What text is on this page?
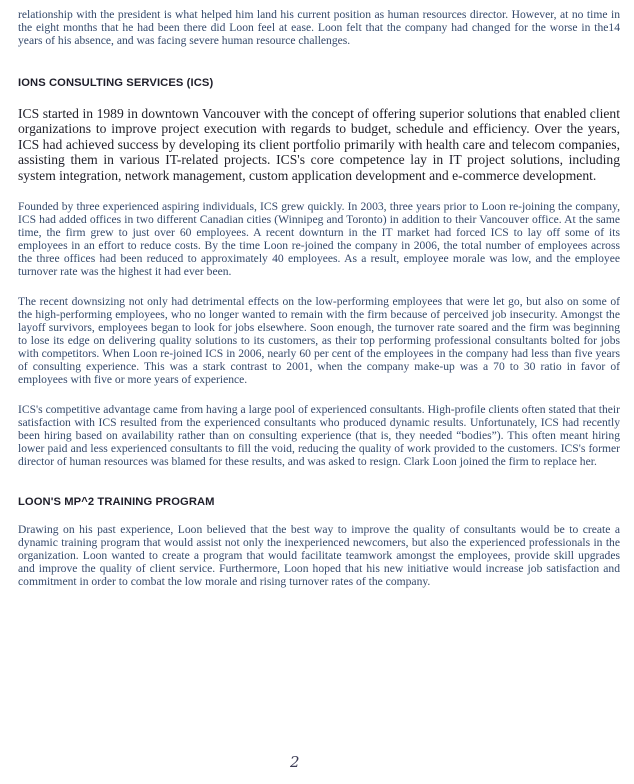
relationship with the president is what helped him land his current position as human resources director. However, at no time in the eight months that he had been there did Loon feel at ease. Loon felt that the company had changed for the worse in the14 years of his absence, and was facing severe human resource challenges.

IONS CONSULTING SERVICES (ICS)

ICS started in 1989 in downtown Vancouver with the concept of offering superior solutions that enabled client organizations to improve project execution with regards to budget, schedule and efficiency. Over the years, ICS had achieved success by developing its client portfolio primarily with health care and telecom companies, assisting them in various IT-related projects. ICS's core competence lay in IT project solutions, including system integration, network management, custom application development and e-commerce development.

Founded by three experienced aspiring individuals, ICS grew quickly. In 2003, three years prior to Loon re-joining the company, ICS had added offices in two different Canadian cities (Winnipeg and Toronto) in addition to their Vancouver office. At the same time, the firm grew to just over 60 employees. A recent downturn in the IT market had forced ICS to lay off some of its employees in an effort to reduce costs. By the time Loon re-joined the company in 2006, the total number of employees across the three offices had been reduced to approximately 40 employees. As a result, employee morale was low, and the employee turnover rate was the highest it had ever been.

The recent downsizing not only had detrimental effects on the low-performing employees that were let go, but also on some of the high-performing employees, who no longer wanted to remain with the firm because of perceived job insecurity. Amongst the layoff survivors, employees began to look for jobs elsewhere. Soon enough, the turnover rate soared and the firm was beginning to lose its edge on delivering quality solutions to its customers, as their top performing professional consultants bolted for jobs with competitors. When Loon re-joined ICS in 2006, nearly 60 per cent of the employees in the company had less than five years of consulting experience. This was a stark contrast to 2001, when the company make-up was a 70 to 30 ratio in favor of employees with five or more years of experience.

ICS's competitive advantage came from having a large pool of experienced consultants. High-profile clients often stated that their satisfaction with ICS resulted from the experienced consultants who produced dynamic results. Unfortunately, ICS had recently been hiring based on availability rather than on consulting experience (that is, they needed “bodies”). This often meant hiring lower paid and less experienced consultants to fill the void, reducing the quality of work provided to the customers. ICS's former director of human resources was blamed for these results, and was asked to resign. Clark Loon joined the firm to replace her.

LOON'S MP^2 TRAINING PROGRAM

Drawing on his past experience, Loon believed that the best way to improve the quality of consultants would be to create a dynamic training program that would assist not only the inexperienced newcomers, but also the experienced professionals in the organization. Loon wanted to create a program that would facilitate teamwork amongst the employees, provide skill upgrades and improve the quality of client service. Furthermore, Loon hoped that his new initiative would increase job satisfaction and commitment in order to combat the low morale and rising turnover rates of the company.

2
